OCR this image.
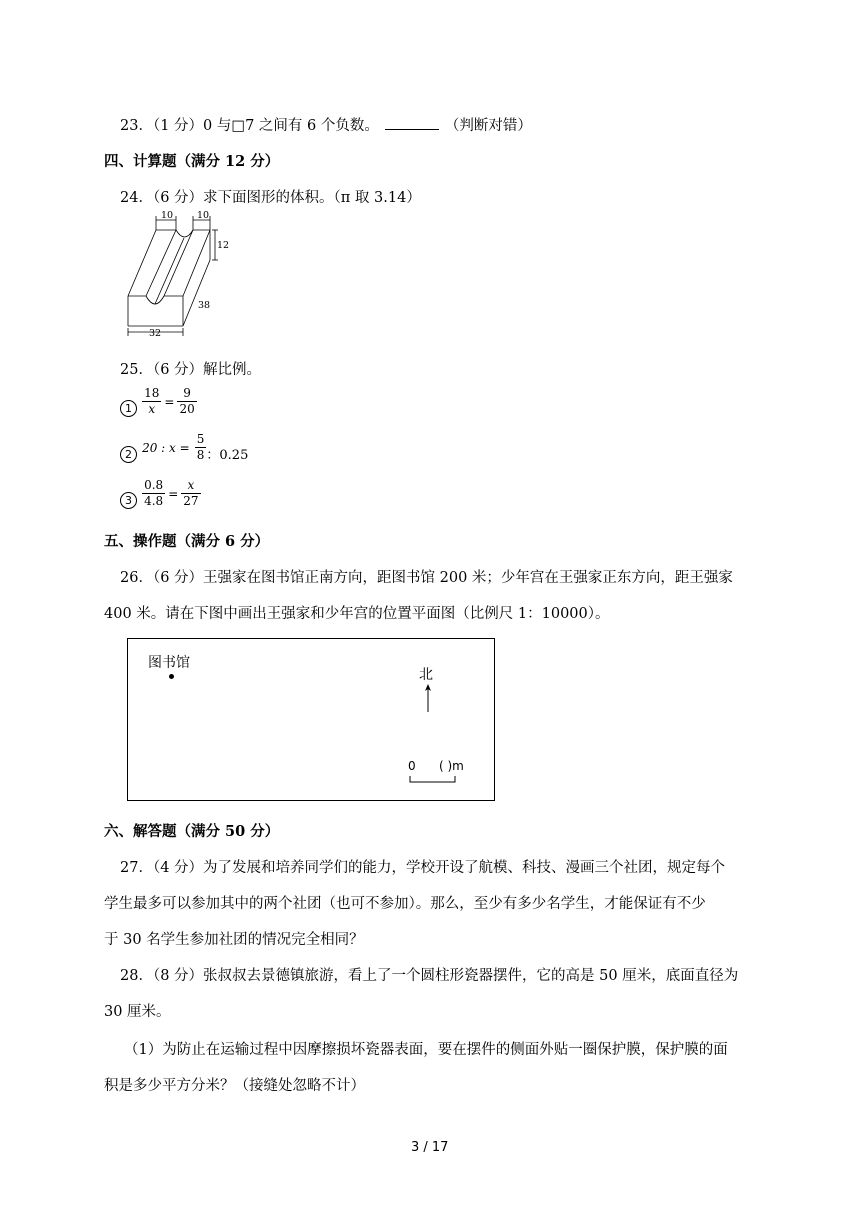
23．（1 分）0 与□7 之间有 6 个负数。	（判断对错）
四、计算题（满分 12 分）
24．（6 分）求下面图形的体积。（π 取 3.14）
10	10
12
38
32
25．（6 分）解比例。
$1 \frac{18}{x} = \frac{9}{20}$
2 20 : $x = \frac{5}{8}$ ：0.25
$3 \frac{0.8}{4.8} = \frac{x}{27}$
五、操作题（满分 6 分）
26．（6 分）王强家在图书馆正南方向，距图书馆 200 米；少年宫在王强家正东方向，距王强家
400 米。请在下图中画出王强家和少年宫的位置平面图（比例尺 1：10000）。
图书馆
北
0 ( )m
六、解答题（满分 50 分）
27．（4 分）为了发展和培养同学们的能力，学校开设了航模、科技、漫画三个社团，规定每个
学生最多可以参加其中的两个社团（也可不参加）。那么，至少有多少名学生，才能保证有不少
于 30 名学生参加社团的情况完全相同？
28．（8 分）张叔叔去景德镇旅游，看上了一个圆柱形瓷器摆件，它的高是 50 厘米，底面直径为
30 厘米。
（1）为防止在运输过程中因摩擦损坏瓷器表面，要在摆件的侧面外贴一圈保护膜，保护膜的面
积是多少平方分米？（接缝处忽略不计）
3 / 17
